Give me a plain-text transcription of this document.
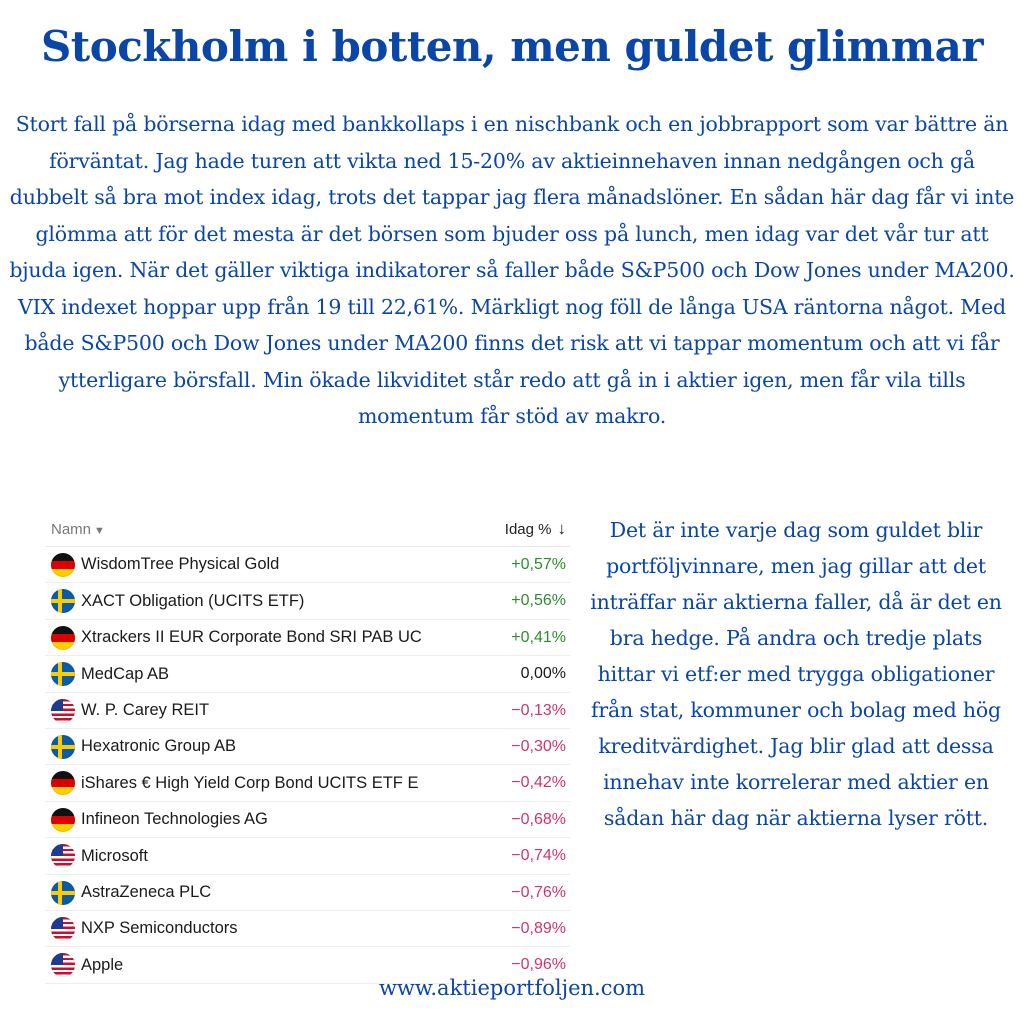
Stockholm i botten, men guldet glimmar
Stort fall på börserna idag med bankkollaps i en nischbank och en jobbrapport som var bättre än förväntat. Jag hade turen att vikta ned 15-20% av aktieinnehaven innan nedgången och gå dubbelt så bra mot index idag, trots det tappar jag flera månadslöner. En sådan här dag får vi inte glömma att för det mesta är det börsen som bjuder oss på lunch, men idag var det vår tur att bjuda igen. När det gäller viktiga indikatorer så faller både S&P500 och Dow Jones under MA200. VIX indexet hoppar upp från 19 till 22,61%. Märkligt nog föll de långa USA räntorna något. Med både S&P500 och Dow Jones under MA200 finns det risk att vi tappar momentum och att vi får ytterligare börsfall. Min ökade likviditet står redo att gå in i aktier igen, men får vila tills momentum får stöd av makro.
Namn ▼	Idag % ↓
WisdomTree Physical Gold	+0,57%
XACT Obligation (UCITS ETF)	+0,56%
Xtrackers II EUR Corporate Bond SRI PAB UC	+0,41%
MedCap AB	0,00%
W. P. Carey REIT	−0,13%
Hexatronic Group AB	−0,30%
iShares € High Yield Corp Bond UCITS ETF E	−0,42%
Infineon Technologies AG	−0,68%
Microsoft	−0,74%
AstraZeneca PLC	−0,76%
NXP Semiconductors	−0,89%
Apple	−0,96%
Det är inte varje dag som guldet blir portföljvinnare, men jag gillar att det inträffar när aktierna faller, då är det en bra hedge. På andra och tredje plats hittar vi etf:er med trygga obligationer från stat, kommuner och bolag med hög kreditvärdighet. Jag blir glad att dessa innehav inte korrelerar med aktier en sådan här dag när aktierna lyser rött.
www.aktieportfoljen.com
